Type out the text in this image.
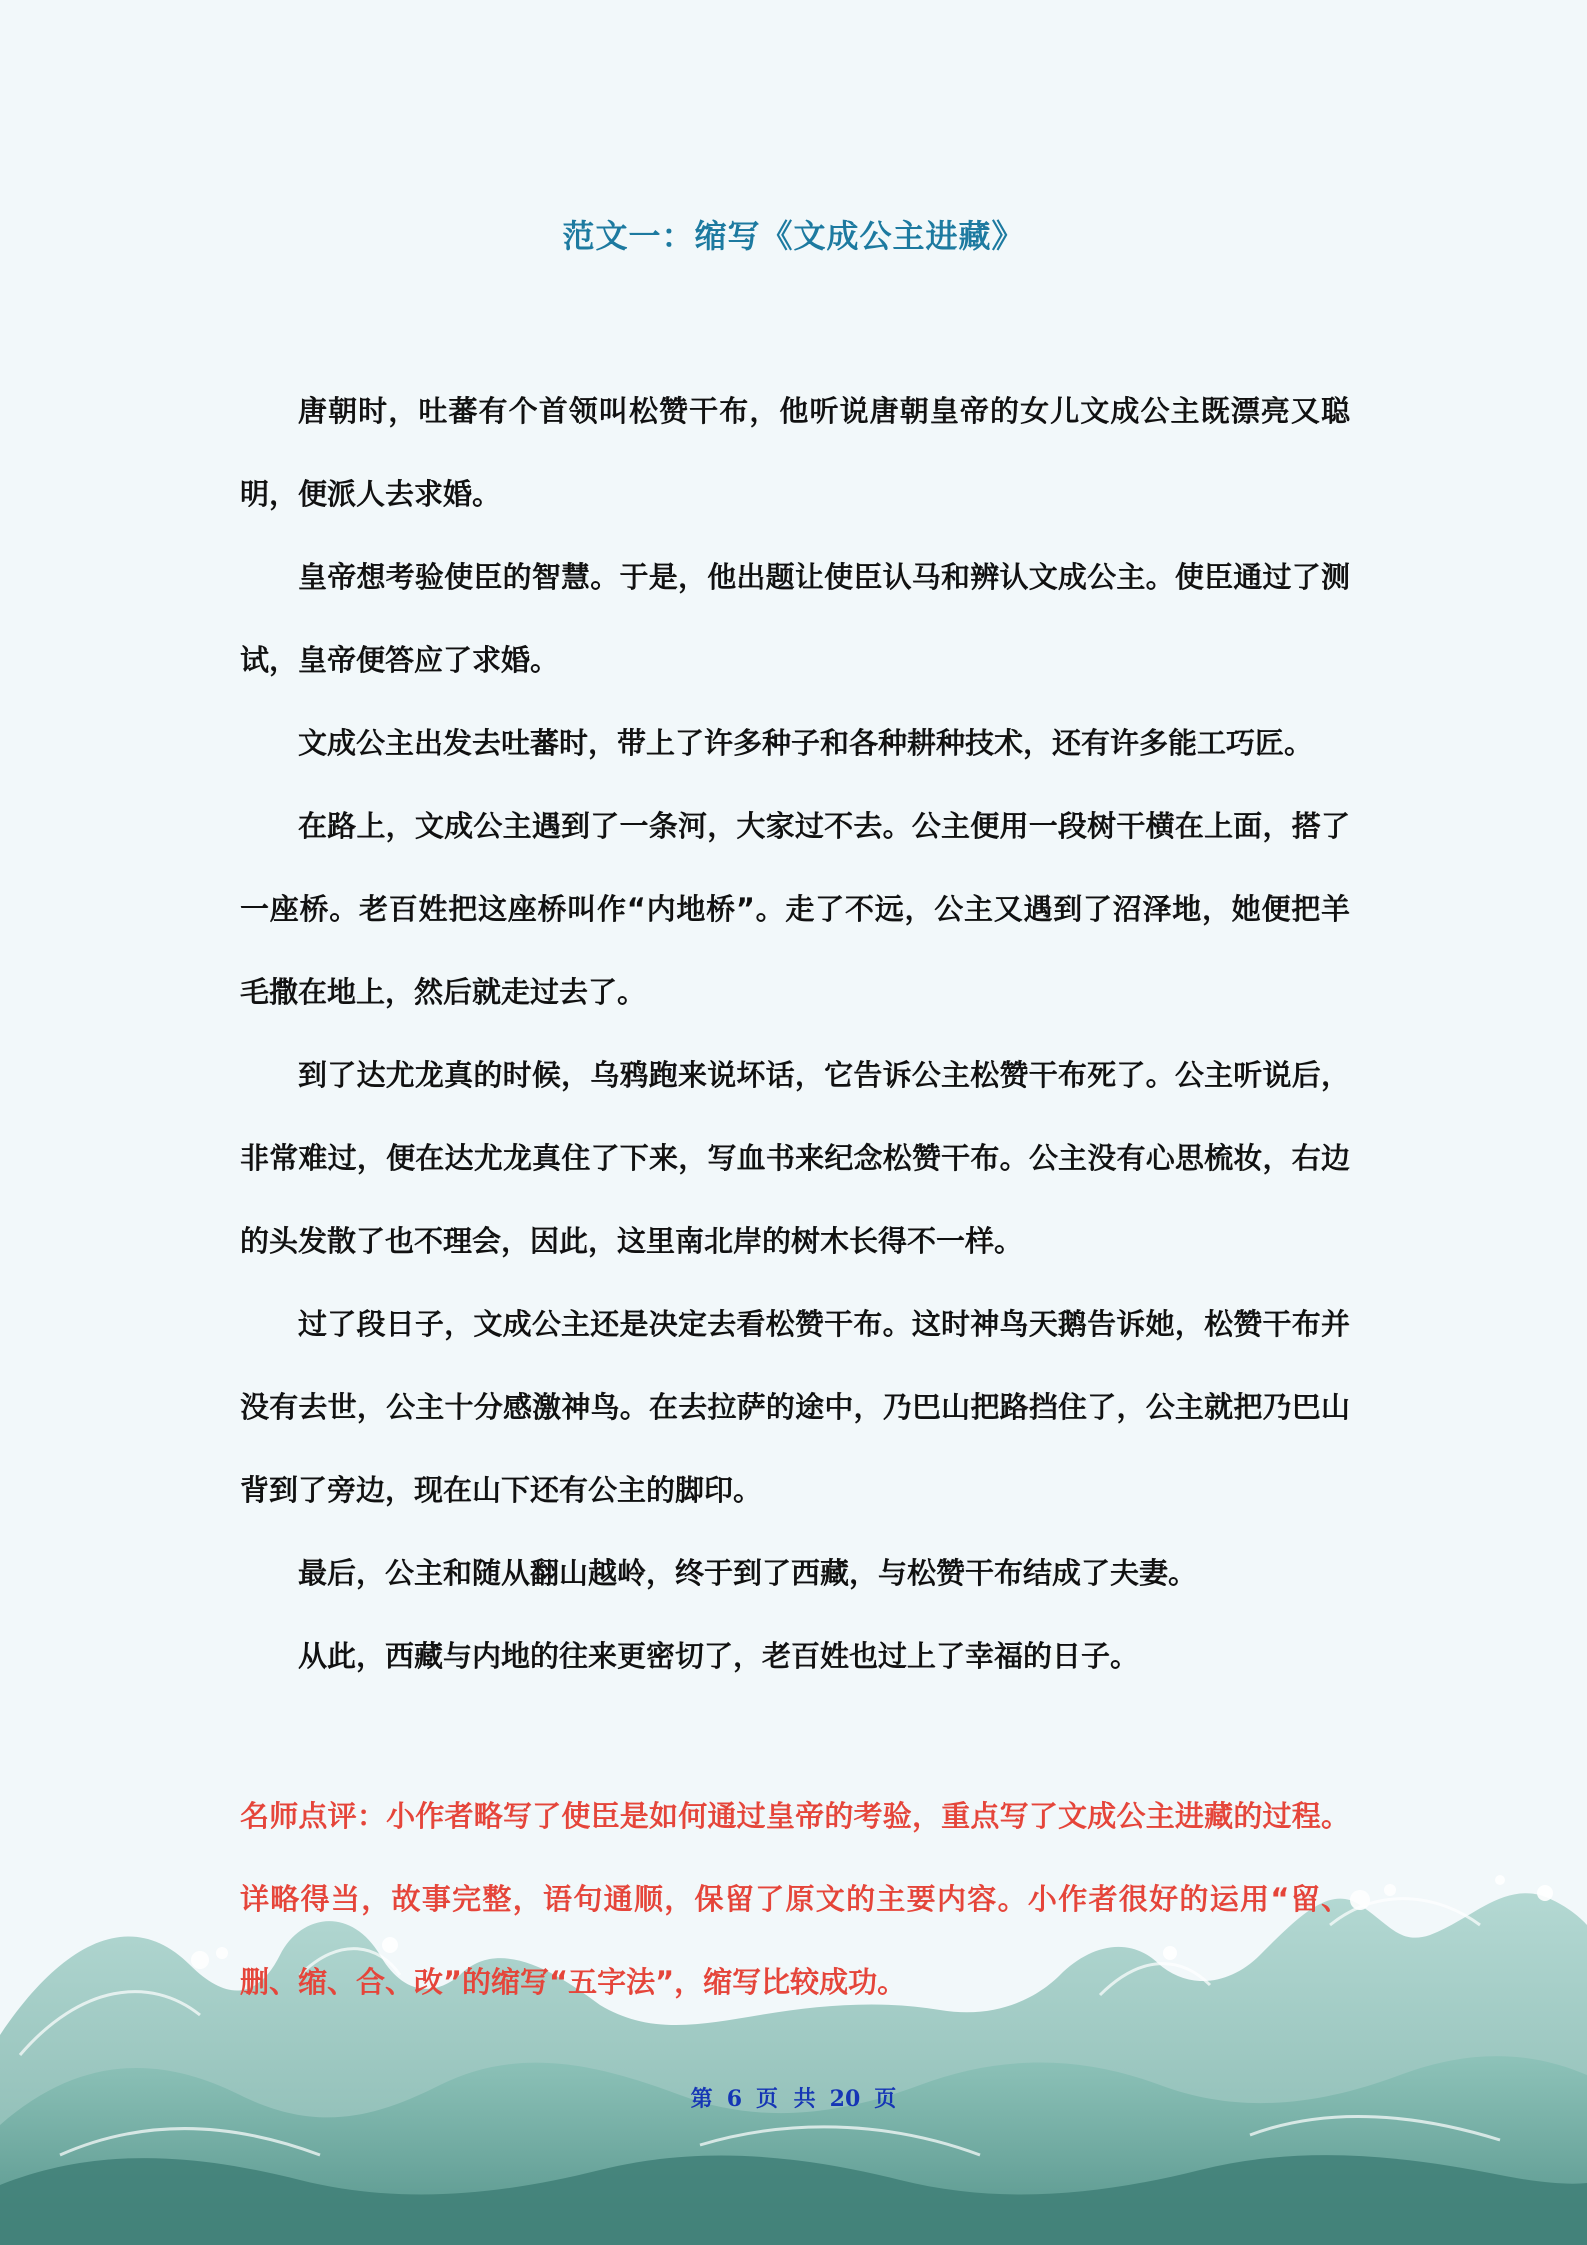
范文一：缩写《文成公主进藏》

唐朝时，吐蕃有个首领叫松赞干布，他听说唐朝皇帝的女儿文成公主既漂亮又聪明，便派人去求婚。

皇帝想考验使臣的智慧。于是，他出题让使臣认马和辨认文成公主。使臣通过了测试，皇帝便答应了求婚。

文成公主出发去吐蕃时，带上了许多种子和各种耕种技术，还有许多能工巧匠。

在路上，文成公主遇到了一条河，大家过不去。公主便用一段树干横在上面，搭了一座桥。老百姓把这座桥叫作“内地桥”。走了不远，公主又遇到了沼泽地，她便把羊毛撒在地上，然后就走过去了。

到了达尤龙真的时候，乌鸦跑来说坏话，它告诉公主松赞干布死了。公主听说后，非常难过，便在达尤龙真住了下来，写血书来纪念松赞干布。公主没有心思梳妆，右边的头发散了也不理会，因此，这里南北岸的树木长得不一样。

过了段日子，文成公主还是决定去看松赞干布。这时神鸟天鹅告诉她，松赞干布并没有去世，公主十分感激神鸟。在去拉萨的途中，乃巴山把路挡住了，公主就把乃巴山背到了旁边，现在山下还有公主的脚印。

最后，公主和随从翻山越岭，终于到了西藏，与松赞干布结成了夫妻。

从此，西藏与内地的往来更密切了，老百姓也过上了幸福的日子。

名师点评：小作者略写了使臣是如何通过皇帝的考验，重点写了文成公主进藏的过程。详略得当，故事完整，语句通顺，保留了原文的主要内容。小作者很好的运用“留、删、缩、合、改”的缩写“五字法”，缩写比较成功。
第 6 页 共 20 页
